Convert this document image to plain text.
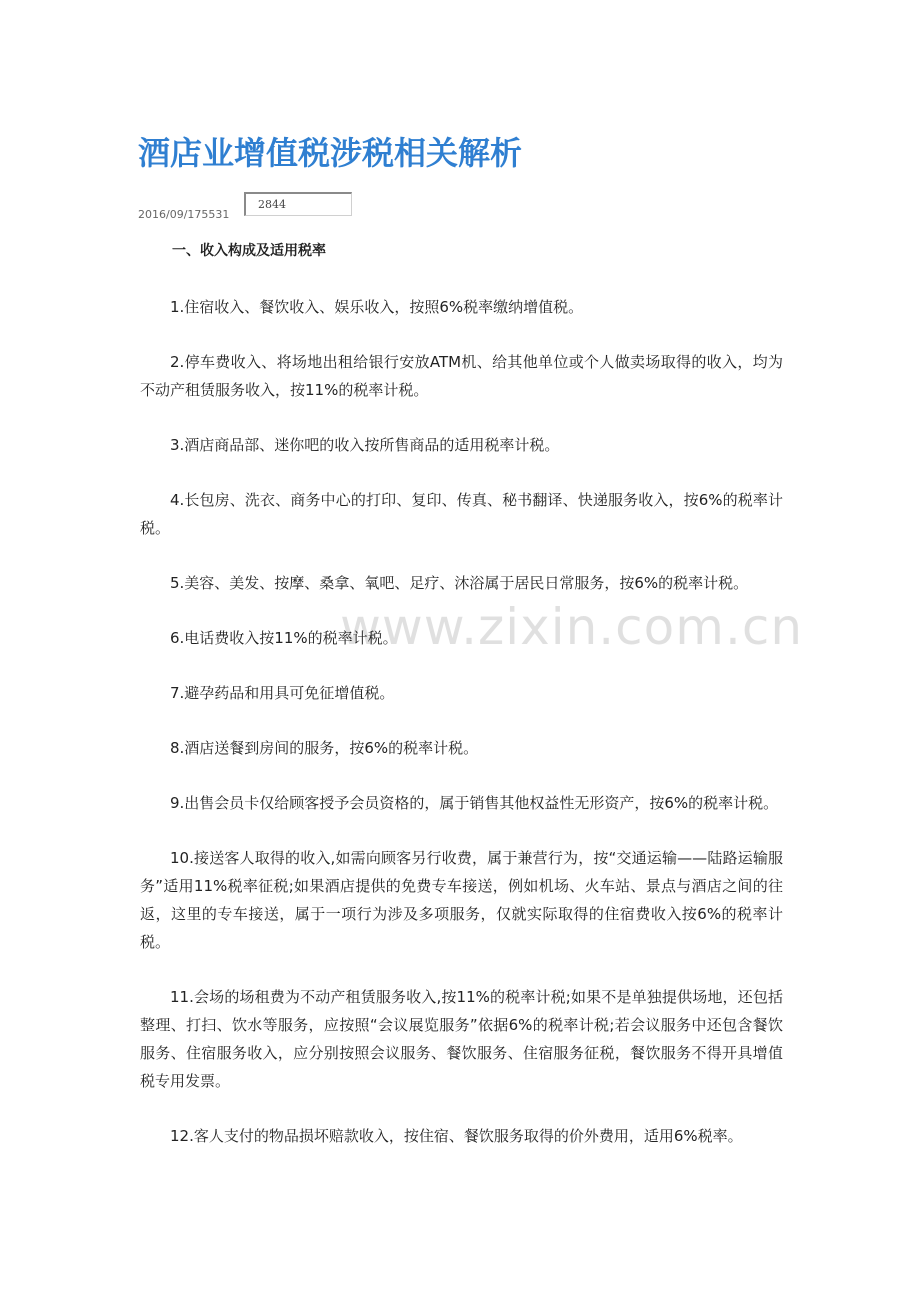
酒店业增值税涉税相关解析
2016/09/175531
2844
一、收入构成及适用税率

1.住宿收入、餐饮收入、娱乐收入，按照6%税率缴纳增值税。

2.停车费收入、将场地出租给银行安放ATM机、给其他单位或个人做卖场取得的收入，均为不动产租赁服务收入，按11%的税率计税。

3.酒店商品部、迷你吧的收入按所售商品的适用税率计税。

4.长包房、洗衣、商务中心的打印、复印、传真、秘书翻译、快递服务收入，按6%的税率计税。

5.美容、美发、按摩、桑拿、氧吧、足疗、沐浴属于居民日常服务，按6%的税率计税。

6.电话费收入按11%的税率计税。

7.避孕药品和用具可免征增值税。

8.酒店送餐到房间的服务，按6%的税率计税。

9.出售会员卡仅给顾客授予会员资格的，属于销售其他权益性无形资产，按6%的税率计税。

10.接送客人取得的收入,如需向顾客另行收费，属于兼营行为，按“交通运输——陆路运输服务”适用11%税率征税;如果酒店提供的免费专车接送，例如机场、火车站、景点与酒店之间的往返，这里的专车接送，属于一项行为涉及多项服务，仅就实际取得的住宿费收入按6%的税率计税。

11.会场的场租费为不动产租赁服务收入,按11%的税率计税;如果不是单独提供场地，还包括整理、打扫、饮水等服务，应按照“会议展览服务”依据6%的税率计税;若会议服务中还包含餐饮服务、住宿服务收入，应分别按照会议服务、餐饮服务、住宿服务征税，餐饮服务不得开具增值税专用发票。

12.客人支付的物品损坏赔款收入，按住宿、餐饮服务取得的价外费用，适用6%税率。

www.zixin.com.cn
